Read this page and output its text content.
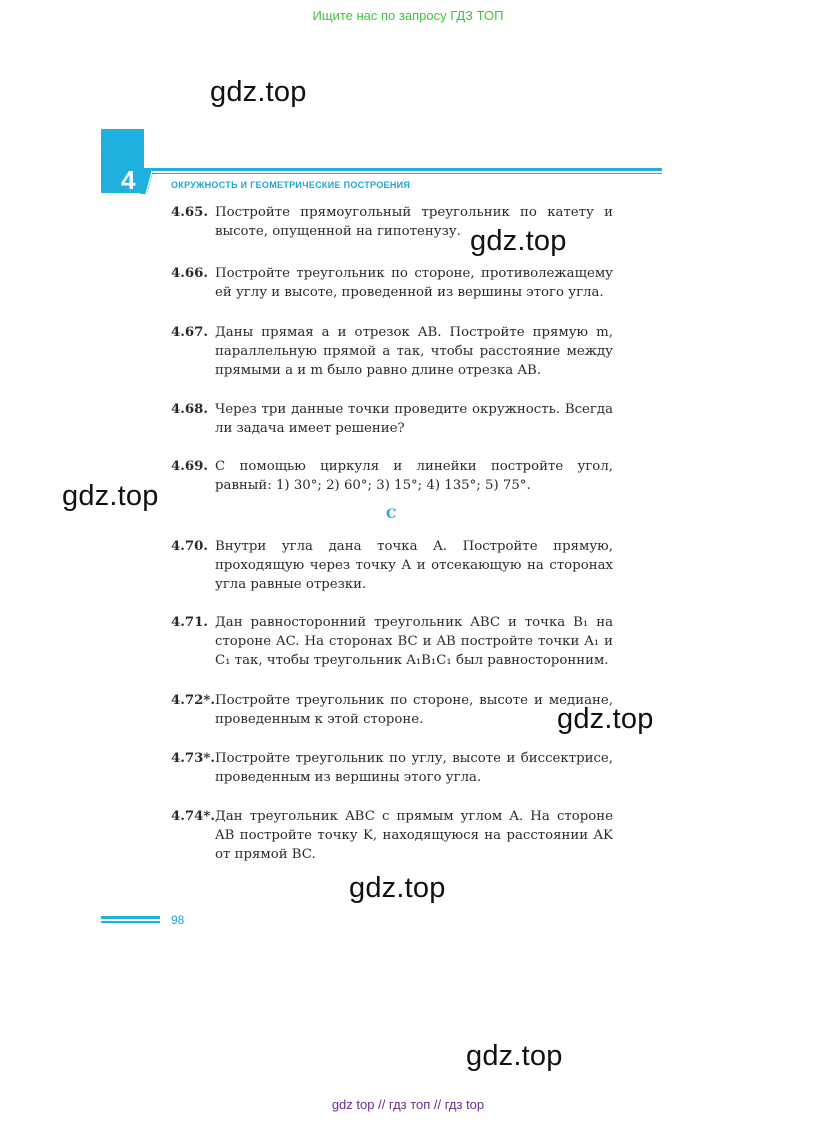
Ищите нас по запросу ГДЗ ТОП
gdz.top
gdz.top
gdz.top
gdz.top
gdz.top
gdz.top
4	ОКРУЖНОСТЬ И ГЕОМЕТРИЧЕСКИЕ ПОСТРОЕНИЯ
4.65. Постройте прямоугольный треугольник по катету и высоте, опущенной на гипотенузу.
4.66. Постройте треугольник по стороне, противолежащему ей углу и высоте, проведенной из вершины этого угла.
4.67. Даны прямая a и отрезок AB. Постройте прямую m, параллельную прямой a так, чтобы расстояние между прямыми a и m было равно длине отрезка AB.
4.68. Через три данные точки проведите окружность. Всегда ли задача имеет решение?
4.69. С помощью циркуля и линейки постройте угол, равный: 1) 30°; 2) 60°; 3) 15°; 4) 135°; 5) 75°.
4.70. Внутри угла дана точка A. Постройте прямую, проходящую через точку A и отсекающую на сторонах угла равные отрезки.
4.71. Дан равносторонний треугольник ABC и точка B₁ на стороне AC. На сторонах BC и AB постройте точки A₁ и C₁ так, чтобы треугольник A₁B₁C₁ был равносторонним.
4.72*. Постройте треугольник по стороне, высоте и медиане, проведенным к этой стороне.
4.73*. Постройте треугольник по углу, высоте и биссектрисе, проведенным из вершины этого угла.
4.74*. Дан треугольник ABC с прямым углом A. На стороне AB постройте точку K, находящуюся на расстоянии AK от прямой BC.
C
98
gdz top // гдз топ // гдз top
